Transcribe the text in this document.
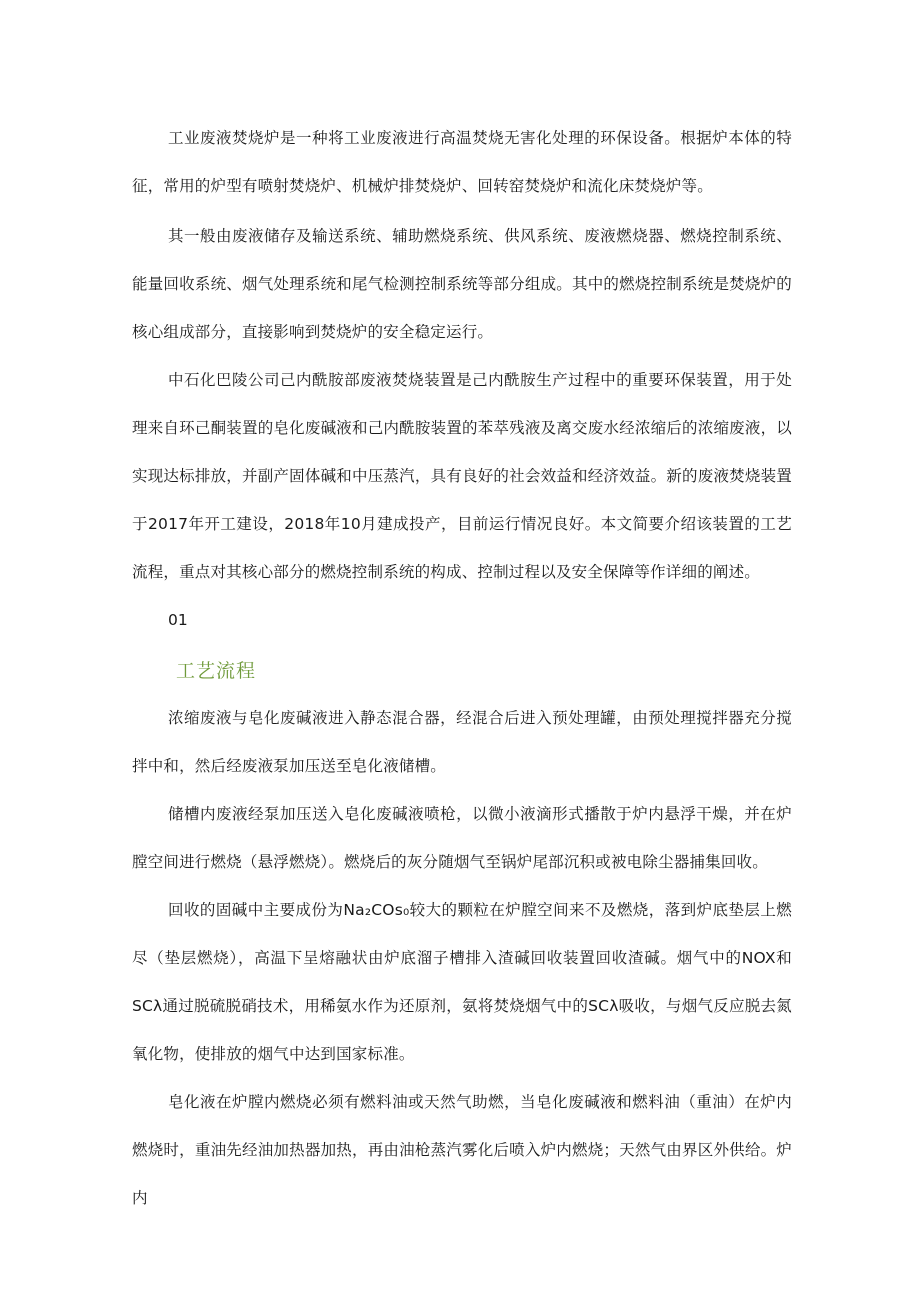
工业废液焚烧炉是一种将工业废液进行高温焚烧无害化处理的环保设备。根据炉本体的特征，常用的炉型有喷射焚烧炉、机械炉排焚烧炉、回转窑焚烧炉和流化床焚烧炉等。

其一般由废液储存及输送系统、辅助燃烧系统、供风系统、废液燃烧器、燃烧控制系统、能量回收系统、烟气处理系统和尾气检测控制系统等部分组成。其中的燃烧控制系统是焚烧炉的核心组成部分，直接影响到焚烧炉的安全稳定运行。

中石化巴陵公司己内酰胺部废液焚烧装置是己内酰胺生产过程中的重要环保装置，用于处理来自环己酮装置的皂化废碱液和己内酰胺装置的苯萃残液及离交废水经浓缩后的浓缩废液，以实现达标排放，并副产固体碱和中压蒸汽，具有良好的社会效益和经济效益。新的废液焚烧装置于2017年开工建设，2018年10月建成投产，目前运行情况良好。本文简要介绍该装置的工艺流程，重点对其核心部分的燃烧控制系统的构成、控制过程以及安全保障等作详细的阐述。

01
工艺流程

浓缩废液与皂化废碱液进入静态混合器，经混合后进入预处理罐，由预处理搅拌器充分搅拌中和，然后经废液泵加压送至皂化液储槽。

储槽内废液经泵加压送入皂化废碱液喷枪，以微小液滴形式播散于炉内悬浮干燥，并在炉膛空间进行燃烧（悬浮燃烧）。燃烧后的灰分随烟气至锅炉尾部沉积或被电除尘器捕集回收。

回收的固碱中主要成份为Na₂COs₀较大的颗粒在炉膛空间来不及燃烧，落到炉底垫层上燃尽（垫层燃烧），高温下呈熔融状由炉底溜子槽排入渣碱回收装置回收渣碱。烟气中的NOX和SCλ通过脱硫脱硝技术，用稀氨水作为还原剂，氨将焚烧烟气中的SCλ吸收，与烟气反应脱去氮氧化物，使排放的烟气中达到国家标准。

皂化液在炉膛内燃烧必须有燃料油或天然气助燃，当皂化废碱液和燃料油（重油）在炉内燃烧时，重油先经油加热器加热，再由油枪蒸汽雾化后喷入炉内燃烧；天然气由界区外供给。炉内
